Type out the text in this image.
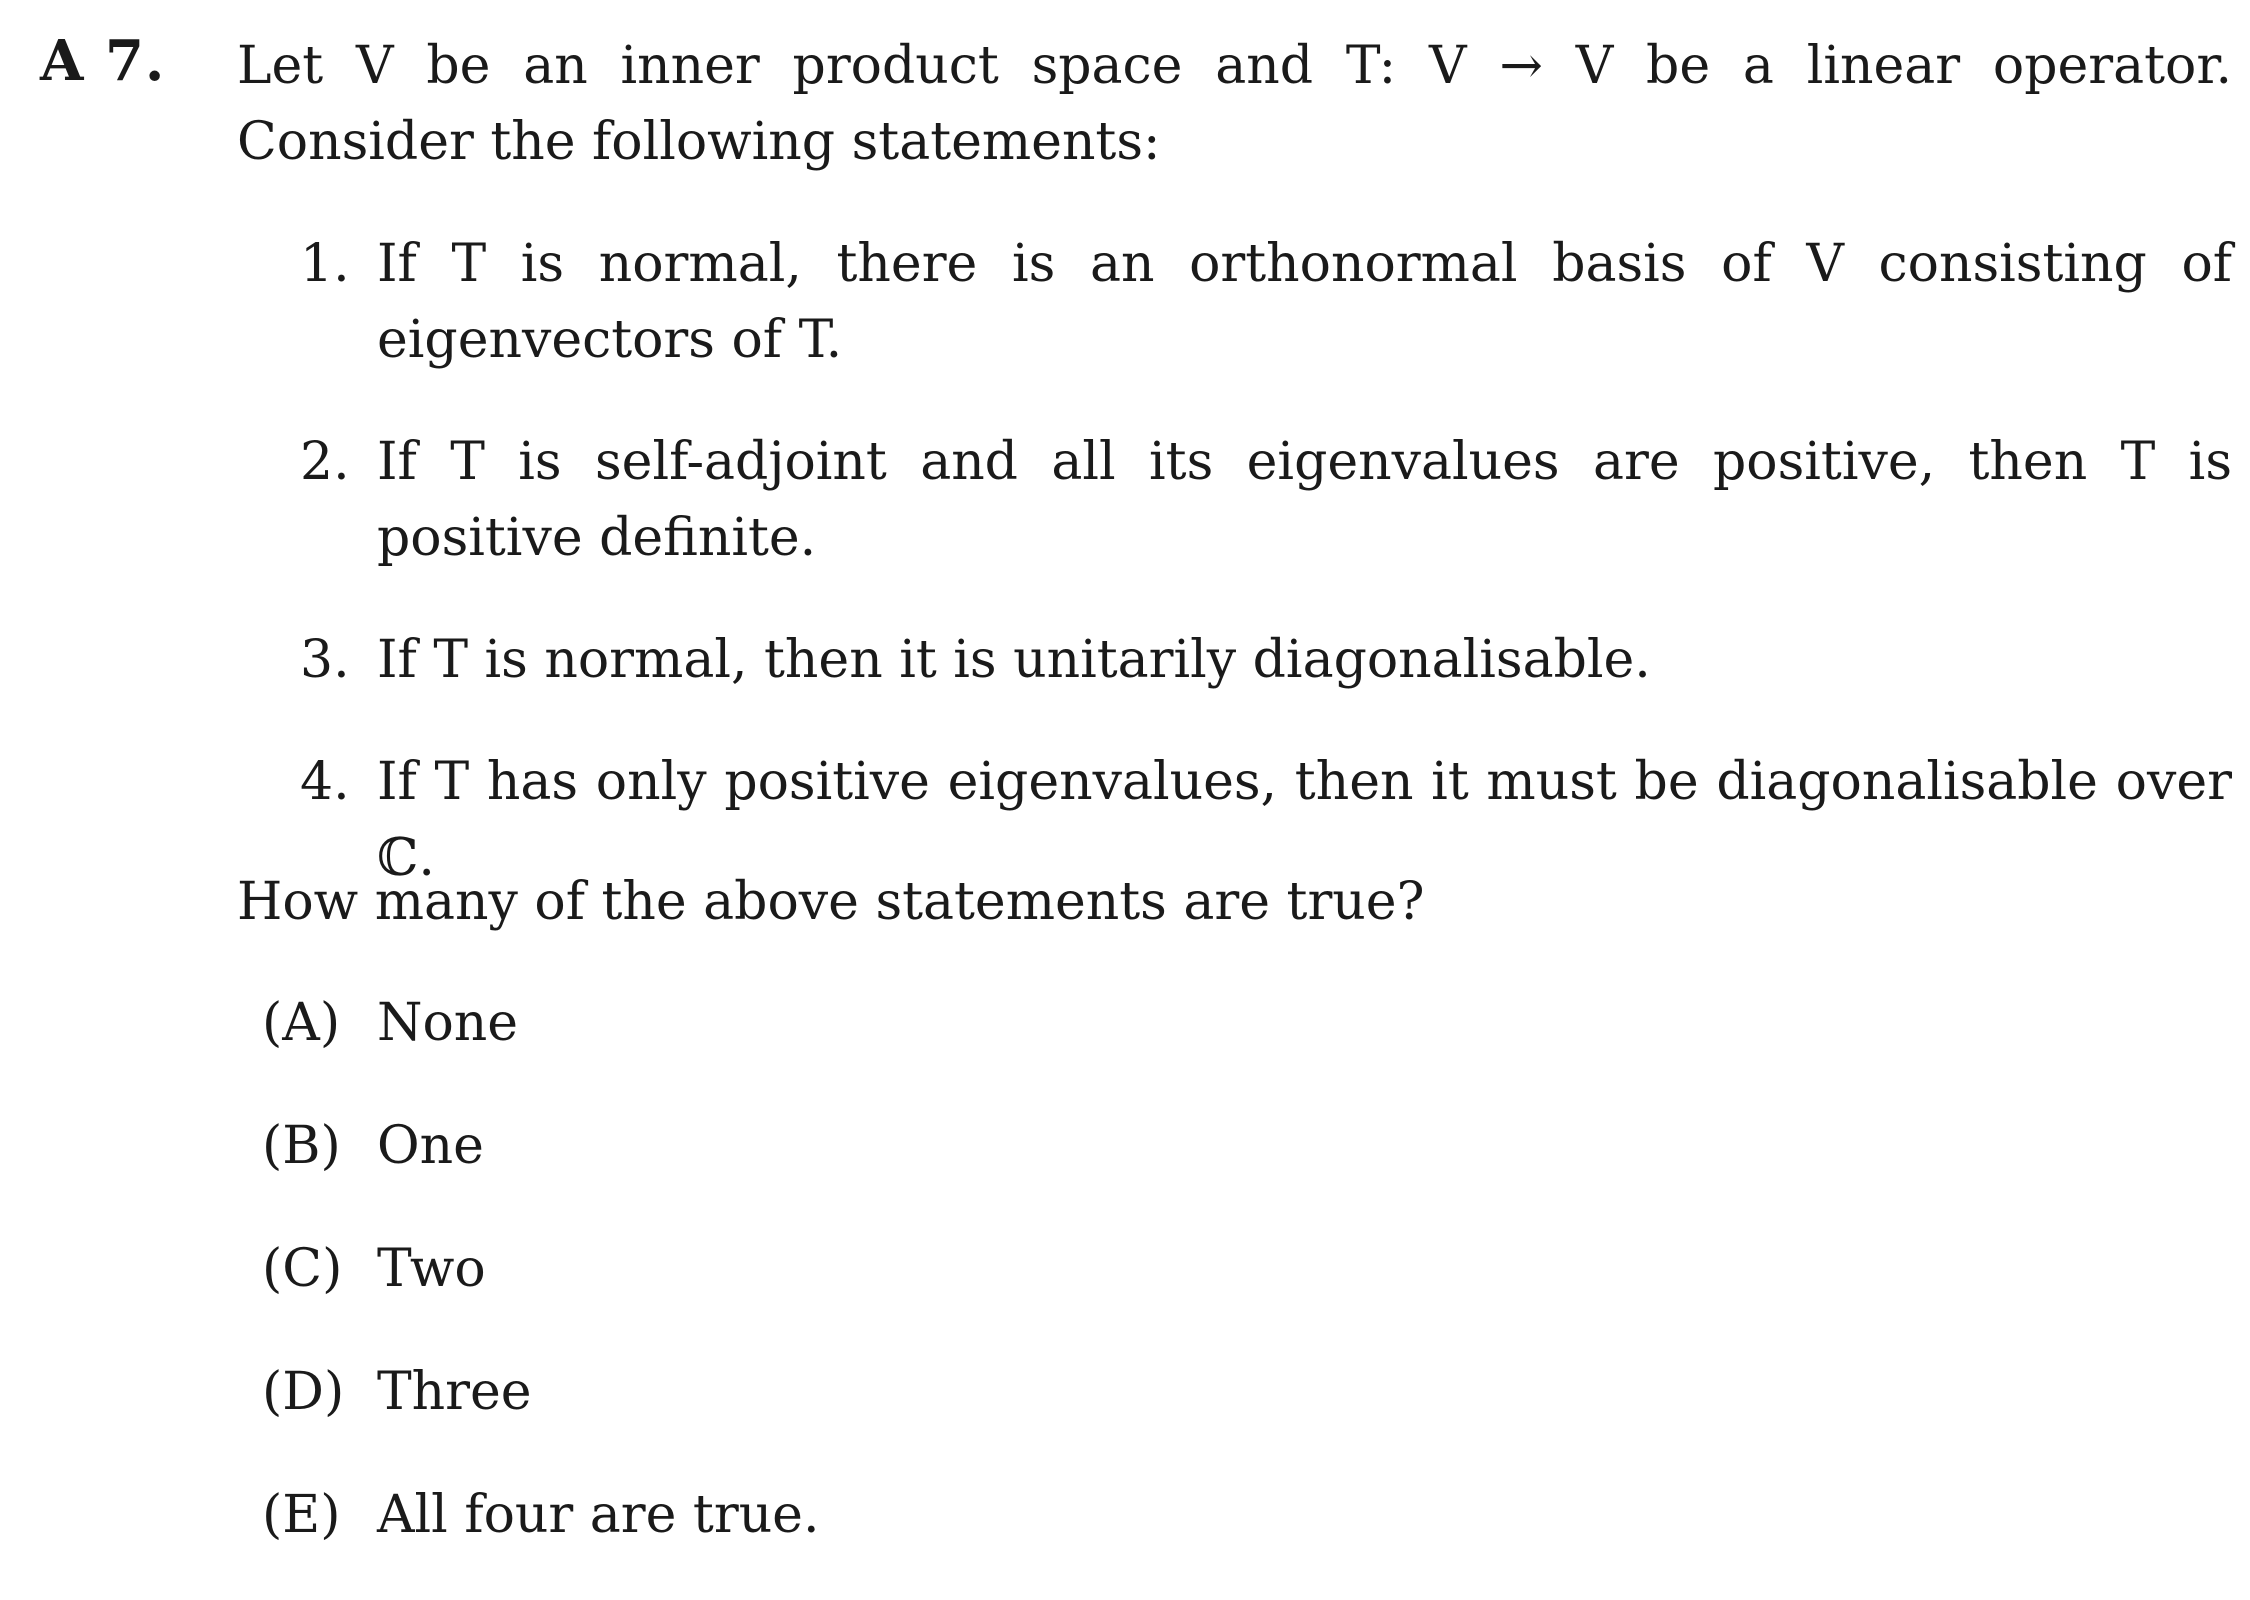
A 7. Let V be an inner product space and T: V → V be a linear operator. Consider the following statements:
1. If T is normal, there is an orthonormal basis of V consisting of eigenvectors of T.
2. If T is self-adjoint and all its eigenvalues are positive, then T is positive definite.
3. If T is normal, then it is unitarily diagonalisable.
4. If T has only positive eigenvalues, then it must be diagonalisable over ℂ.
How many of the above statements are true?
(A) None
(B) One
(C) Two
(D) Three
(E) All four are true.
